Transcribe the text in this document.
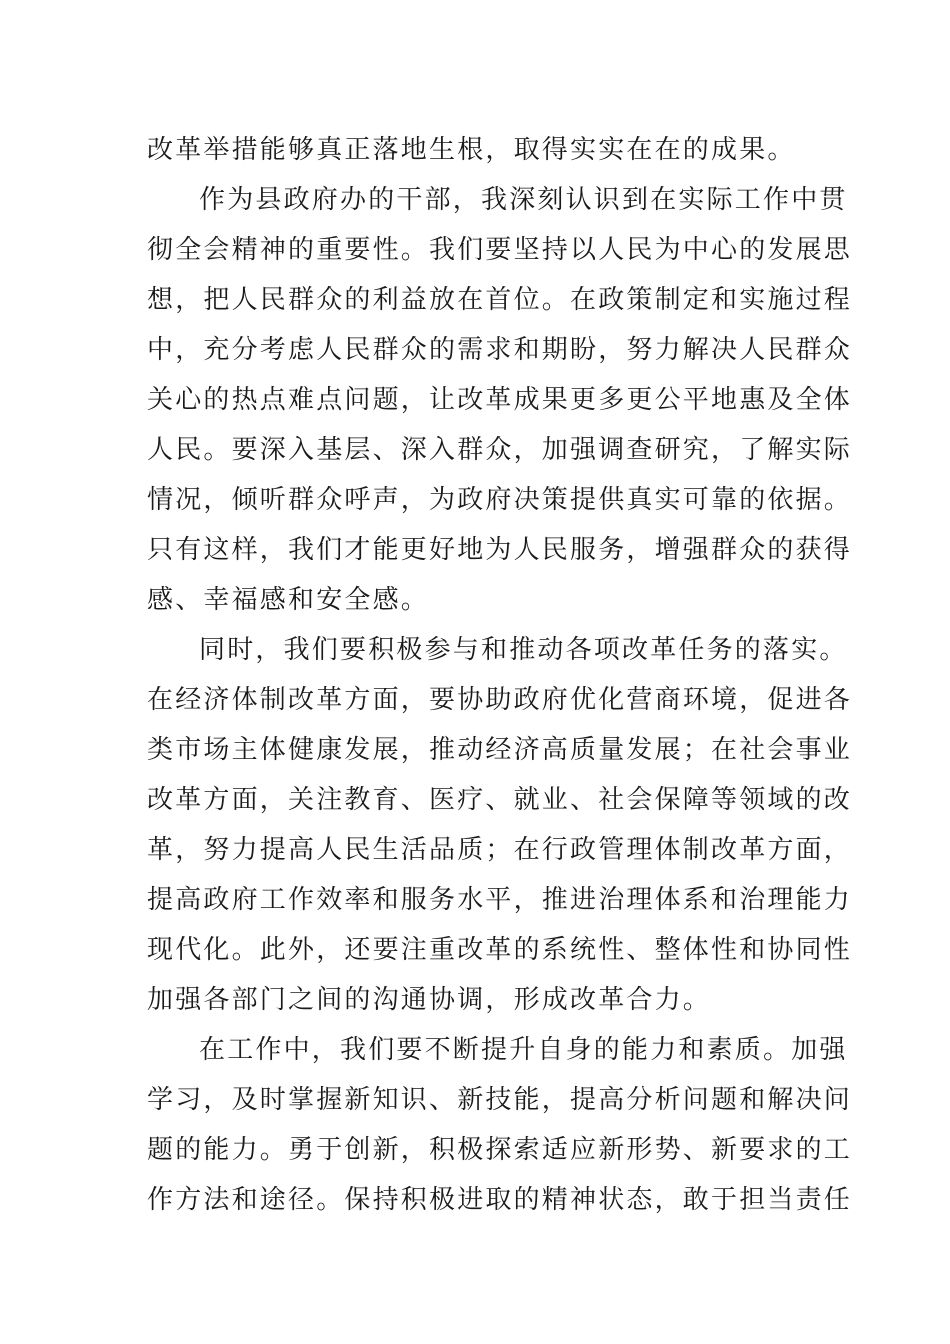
改革举措能够真正落地生根，取得实实在在的成果。
作为县政府办的干部，我深刻认识到在实际工作中贯
彻全会精神的重要性。我们要坚持以人民为中心的发展思
想，把人民群众的利益放在首位。在政策制定和实施过程
中，充分考虑人民群众的需求和期盼，努力解决人民群众
关心的热点难点问题，让改革成果更多更公平地惠及全体
人民。要深入基层、深入群众，加强调查研究，了解实际
情况，倾听群众呼声，为政府决策提供真实可靠的依据。
只有这样，我们才能更好地为人民服务，增强群众的获得
感、幸福感和安全感。
同时，我们要积极参与和推动各项改革任务的落实。
在经济体制改革方面，要协助政府优化营商环境，促进各
类市场主体健康发展，推动经济高质量发展；在社会事业
改革方面，关注教育、医疗、就业、社会保障等领域的改
革，努力提高人民生活品质；在行政管理体制改革方面，
提高政府工作效率和服务水平，推进治理体系和治理能力
现代化。此外，还要注重改革的系统性、整体性和协同性
加强各部门之间的沟通协调，形成改革合力。
在工作中，我们要不断提升自身的能力和素质。加强
学习，及时掌握新知识、新技能，提高分析问题和解决问
题的能力。勇于创新，积极探索适应新形势、新要求的工
作方法和途径。保持积极进取的精神状态，敢于担当责任
